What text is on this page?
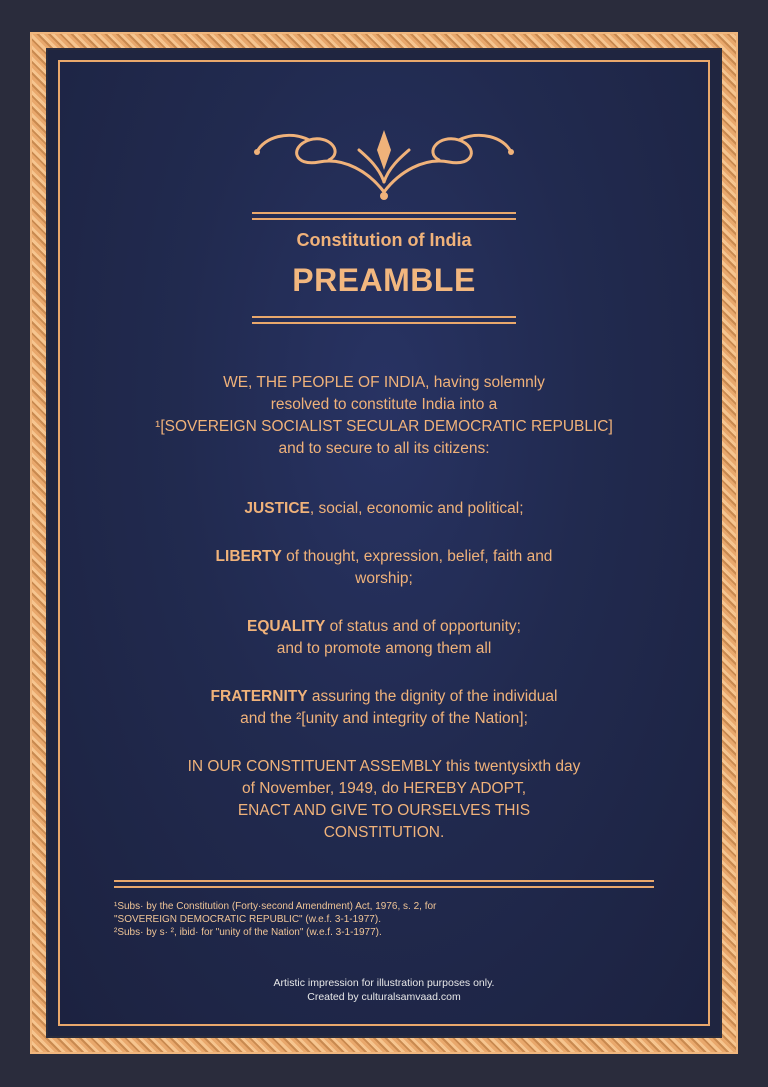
Constitution of India
PREAMBLE
WE, THE PEOPLE OF INDIA, having solemnly
resolved to constitute India into a
¹[SOVEREIGN SOCIALIST SECULAR DEMOCRATIC REPUBLIC]
and to secure to all its citizens:
JUSTICE, social, economic and political;
LIBERTY of thought, expression, belief, faith and
worship;
EQUALITY of status and of opportunity;
and to promote among them all
FRATERNITY assuring the dignity of the individual
and the ²[unity and integrity of the Nation];
IN OUR CONSTITUENT ASSEMBLY this twentysixth day
of November, 1949, do HEREBY ADOPT,
ENACT AND GIVE TO OURSELVES THIS
CONSTITUTION.
¹Subs· by the Constitution (Forty·second Amendment) Act, 1976, s. 2, for
"SOVEREIGN DEMOCRATIC REPUBLIC" (w.e.f. 3-1-1977).
²Subs· by s· ², ibid· for "unity of the Nation" (w.e.f. 3-1-1977).
Artistic impression for illustration purposes only.
Created by culturalsamvaad.com
